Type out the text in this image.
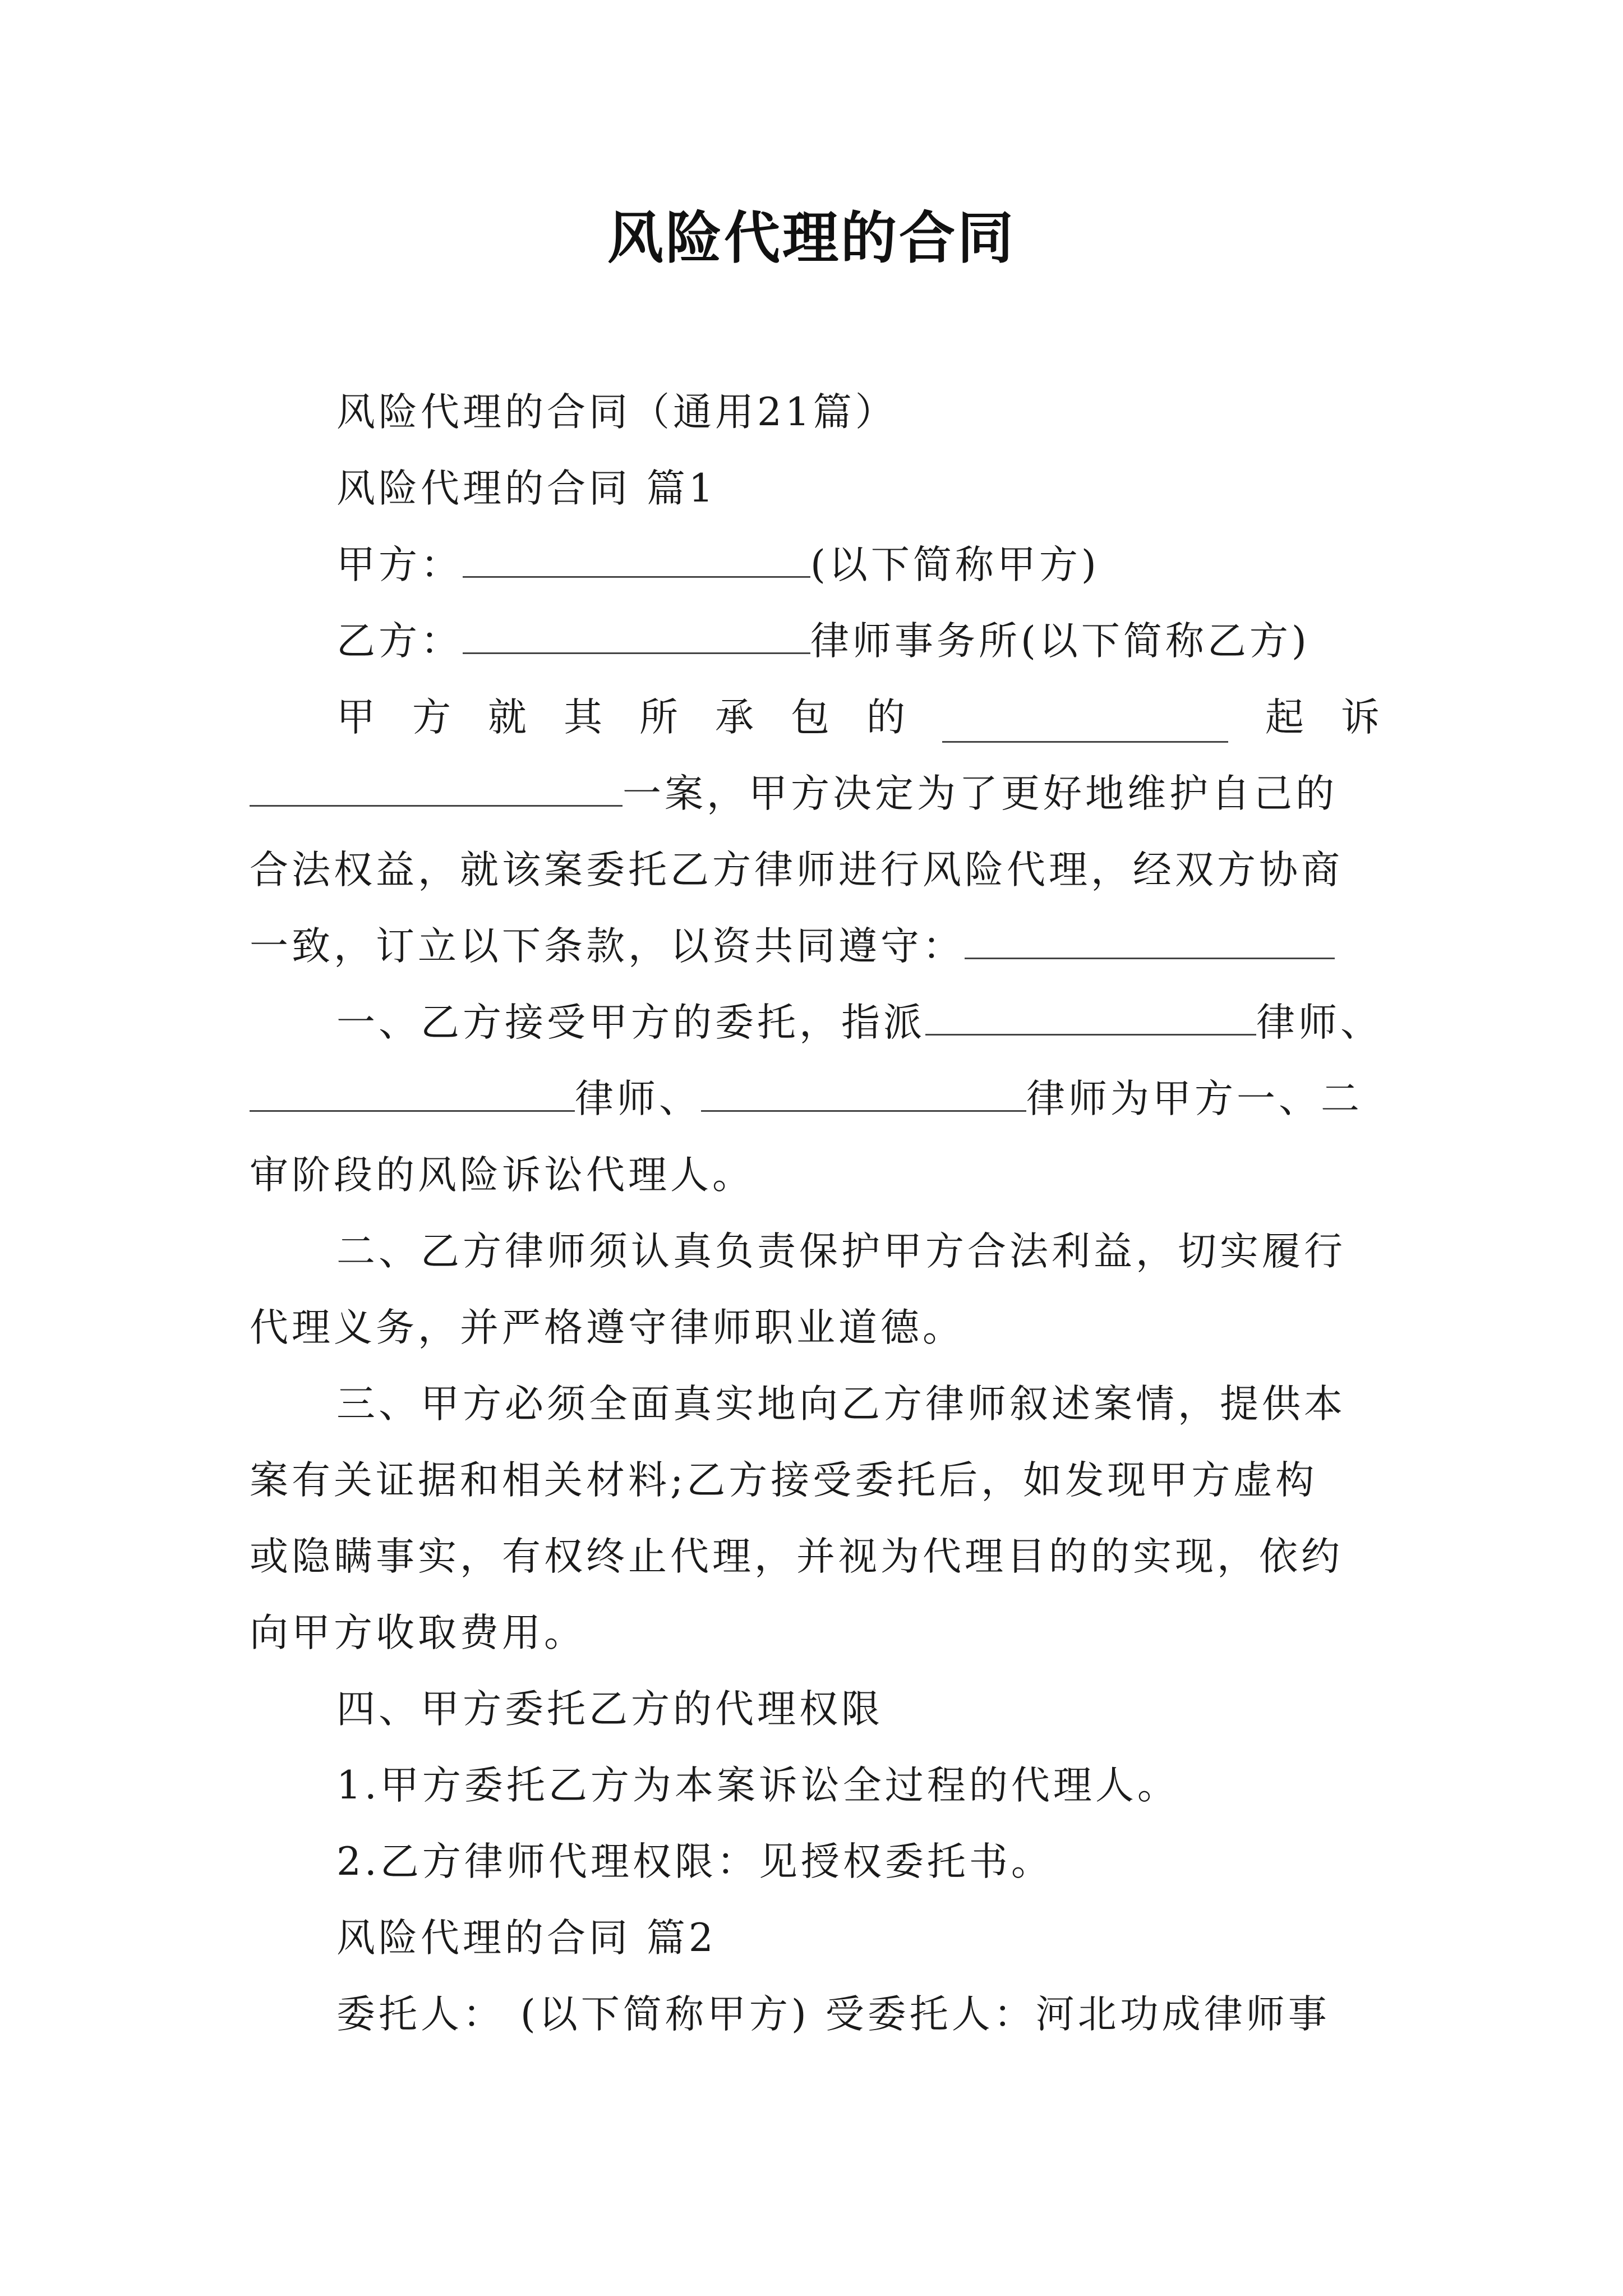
风险代理的合同
风险代理的合同（通用21篇）
风险代理的合同 篇1
甲方：	(以下简称甲方)
乙方：	律师事务所(以下简称乙方)
甲 方 就 其 所 承 包 的	起 诉
一案，甲方决定为了更好地维护自己的
合法权益，就该案委托乙方律师进行风险代理，经双方协商
一致，订立以下条款，以资共同遵守：
一、乙方接受甲方的委托，指派	律师、
律师、	律师为甲方一、二
审阶段的风险诉讼代理人。
二、乙方律师须认真负责保护甲方合法利益，切实履行
代理义务，并严格遵守律师职业道德。
三、甲方必须全面真实地向乙方律师叙述案情，提供本
案有关证据和相关材料;乙方接受委托后，如发现甲方虚构
或隐瞒事实，有权终止代理，并视为代理目的的实现，依约
向甲方收取费用。
四、甲方委托乙方的代理权限
1.甲方委托乙方为本案诉讼全过程的代理人。
2.乙方律师代理权限：见授权委托书。
风险代理的合同 篇2
委托人： (以下简称甲方) 受委托人：河北功成律师事
